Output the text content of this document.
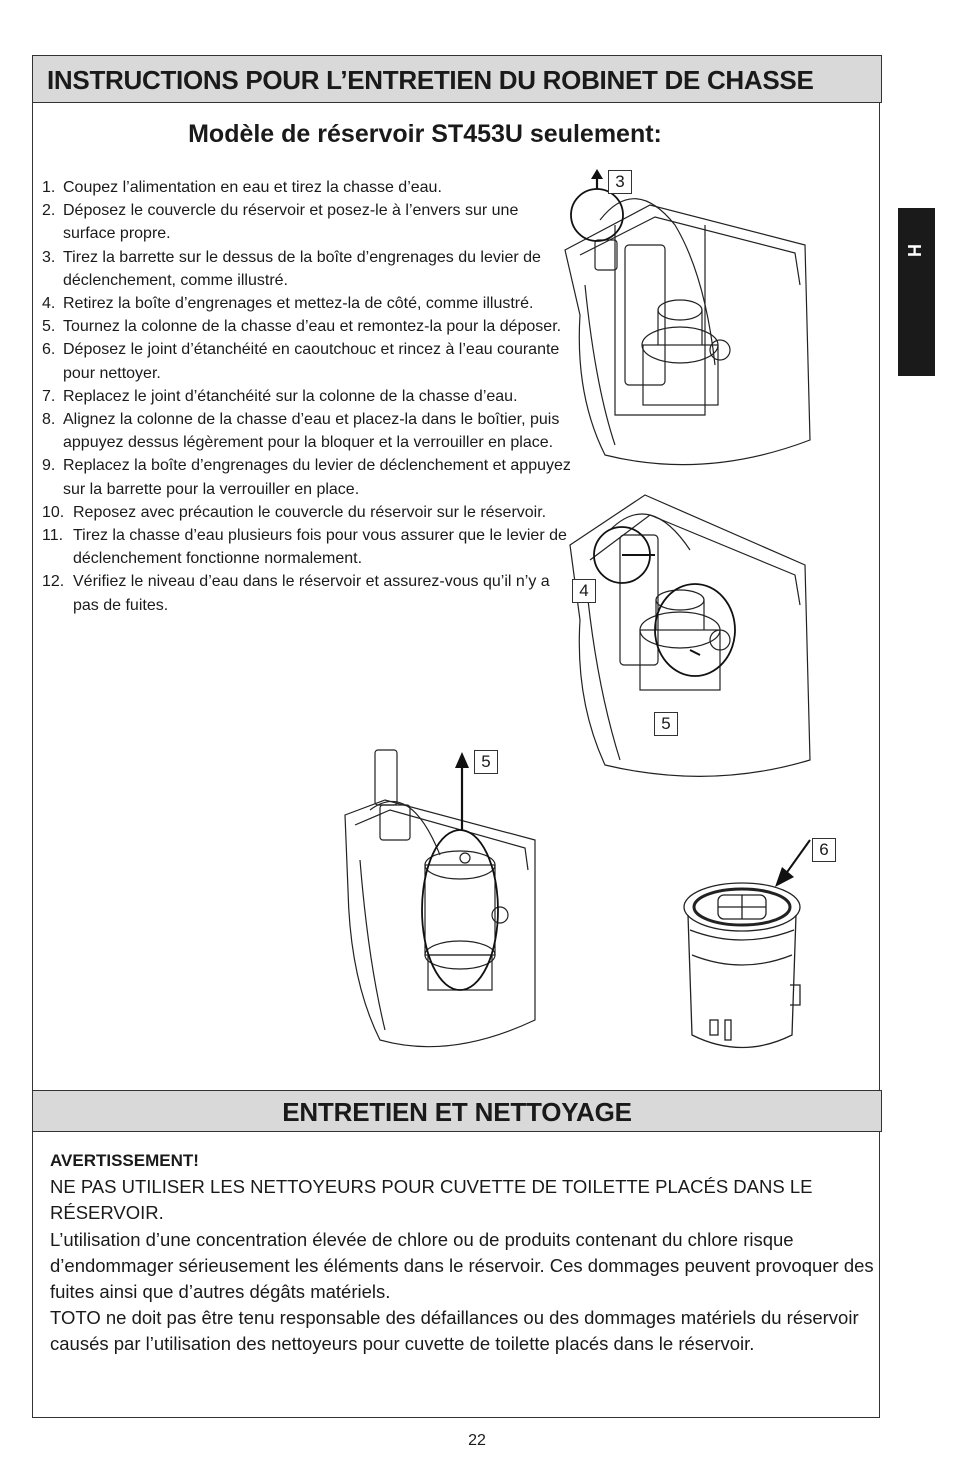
INSTRUCTIONS POUR L’ENTRETIEN DU ROBINET DE CHASSE
Modèle de réservoir ST453U seulement:
H
1. Coupez l’alimentation en eau et tirez la chasse d’eau.
2. Déposez le couvercle du réservoir et posez-le à l’envers sur une surface propre.
3. Tirez la barrette sur le dessus de la boîte d’engrenages du levier de déclenchement, comme illustré.
4. Retirez la boîte d’engrenages et mettez-la de côté, comme illustré.
5. Tournez la colonne de la chasse d’eau et remontez-la pour la déposer.
6. Déposez le joint d’étanchéité en caoutchouc et rincez à l’eau courante pour nettoyer.
7. Replacez le joint d’étanchéité sur la colonne de la chasse d’eau.
8. Alignez la colonne de la chasse d’eau et placez-la dans le boîtier, puis appuyez dessus légèrement pour la bloquer et la verrouiller en place.
9. Replacez la boîte d’engrenages du levier de déclenchement et appuyez sur la barrette pour la verrouiller en place.
10. Reposez avec précaution le couvercle du réservoir sur le réservoir.
11. Tirez la chasse d’eau plusieurs fois pour vous assurer que le levier de déclenchement fonctionne normalement.
12. Vérifiez le niveau d’eau dans le réservoir et assurez-vous qu’il n’y a pas de fuites.
3
4
5
5
6
ENTRETIEN ET NETTOYAGE

AVERTISSEMENT!

NE PAS UTILISER LES NETTOYEURS POUR CUVETTE DE TOILETTE PLACÉS DANS LE RÉSERVOIR.

L’utilisation d’une concentration élevée de chlore ou de produits contenant du chlore risque d’endommager sérieusement les éléments dans le réservoir. Ces dommages peuvent provoquer des fuites ainsi que d’autres dégâts matériels.

TOTO ne doit pas être tenu responsable des défaillances ou des dommages matériels du réservoir causés par l’utilisation des nettoyeurs pour cuvette de toilette placés dans le réservoir.

22
